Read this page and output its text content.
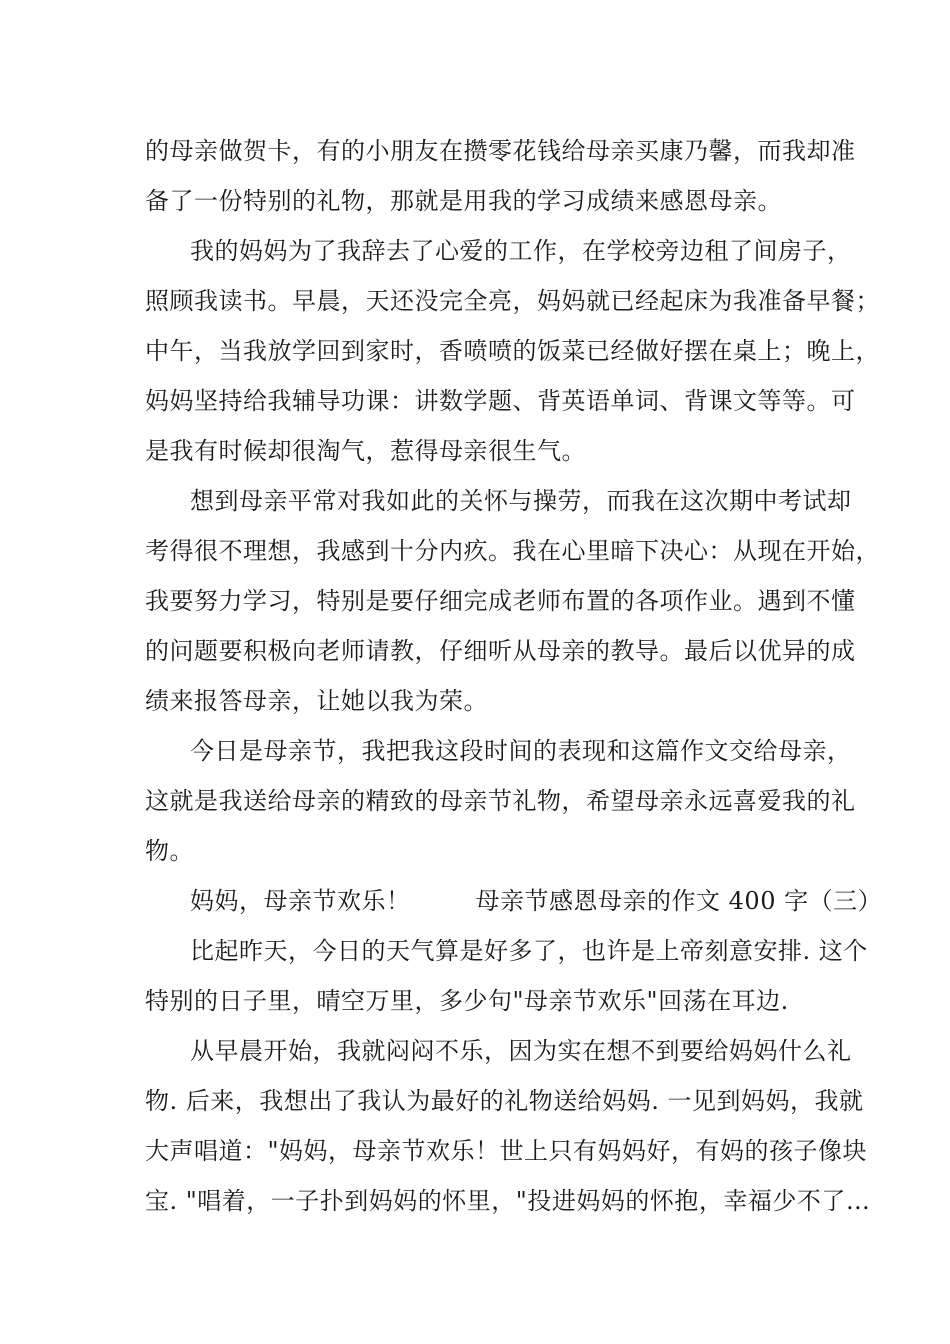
的母亲做贺卡，有的小朋友在攒零花钱给母亲买康乃馨，而我却准
备了一份特别的礼物，那就是用我的学习成绩来感恩母亲。
我的妈妈为了我辞去了心爱的工作，在学校旁边租了间房子，
照顾我读书。早晨，天还没完全亮，妈妈就已经起床为我准备早餐；
中午，当我放学回到家时，香喷喷的饭菜已经做好摆在桌上；晚上，
妈妈坚持给我辅导功课：讲数学题、背英语单词、背课文等等。可
是我有时候却很淘气，惹得母亲很生气。
想到母亲平常对我如此的关怀与操劳，而我在这次期中考试却
考得很不理想，我感到十分内疚。我在心里暗下决心：从现在开始，
我要努力学习，特别是要仔细完成老师布置的各项作业。遇到不懂
的问题要积极向老师请教，仔细听从母亲的教导。最后以优异的成
绩来报答母亲，让她以我为荣。
今日是母亲节，我把我这段时间的表现和这篇作文交给母亲，
这就是我送给母亲的精致的母亲节礼物，希望母亲永远喜爱我的礼
物。
妈妈，母亲节欢乐！        母亲节感恩母亲的作文 400 字（三）
比起昨天，今日的天气算是好多了，也许是上帝刻意安排. 这个
特别的日子里，晴空万里，多少句"母亲节欢乐"回荡在耳边.
从早晨开始，我就闷闷不乐，因为实在想不到要给妈妈什么礼
物. 后来，我想出了我认为最好的礼物送给妈妈. 一见到妈妈，我就
大声唱道："妈妈，母亲节欢乐！世上只有妈妈好，有妈的孩子像块
宝. "唱着，一子扑到妈妈的怀里，"投进妈妈的怀抱，幸福少不了…
